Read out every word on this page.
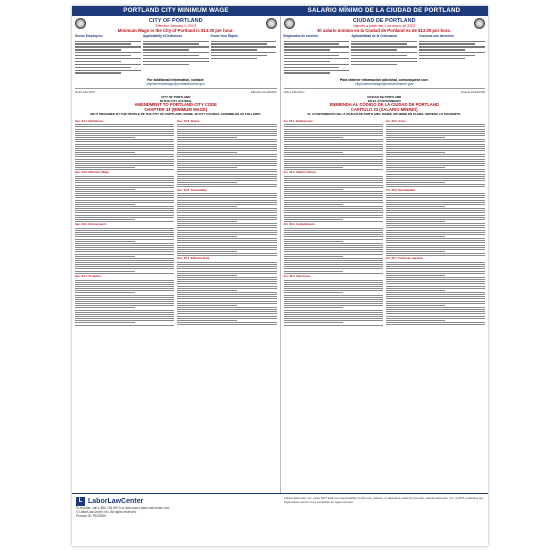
PORTLAND CITY MINIMUM WAGE	SALARIO MÍNIMO DE LA CIUDAD DE PORTLAND
CITY OF PORTLAND
Effective January 1, 2023
Minimum Wage in the City of Portland is $13.00 per hour.
Senior Employees	Applicability of Ordinance	Know Your Rights
For additional information, contact:
cityminimumwage@portlandmaine.gov
Order 169-16/17	Effective 01/19/2023
CITY OF PORTLAND
IN THE CITY COUNCIL
AMENDMENT TO PORTLAND CITY CODE
CHAPTER 33 (MINIMUM WAGE)
BE IT ORDAINED BY THE PEOPLE OF THE CITY OF PORTLAND, MAINE, IN CITY COUNCIL ASSEMBLED AS FOLLOWS:
Sec. 33.1. Definitions.
Sec. 33.2. Minimum Wage.
Sec. 33.3. Enforcement.
Sec. 33.4. Penalties.
Sec. 33.5. Notice.
Sec. 33.6. Severability.
Sec. 33.7. Effective Date.
CIUDAD DE PORTLAND
Vigente a partir del 1 de enero de 2023
El salario mínimo en la Ciudad de Portland es de $13.00 por hora.
Empleados de servicio	Aplicabilidad de la Ordenanza	Conozca sus derechos
Para obtener información adicional, comuníquese con:
cityminimumwage@portlandmaine.gov
Orden 169-16/17	Vigente 01/19/2023
CIUDAD DE PORTLAND
EN EL AYUNTAMIENTO
ENMIENDA AL CÓDIGO DE LA CIUDAD DE PORTLAND
CAPÍTULO 33 (SALARIO MÍNIMO)
EL AYUNTAMIENTO DE LA CIUDAD DE PORTLAND, MAINE, REUNIDO EN PLENO, ORDENA LO SIGUIENTE:
Art. 33.1. Definiciones.
Art. 33.2. Salario mínimo.
Art. 33.3. Cumplimiento.
Art. 33.4. Sanciones.
Art. 33.5. Aviso.
Art. 33.6. Divisibilidad.
Art. 33.7. Fecha de vigencia.
L LaborLawCenter
To reorder, call 1-800-745-9970 or visit www.LaborLawCenter.com
© LaborLawCenter, Inc. All rights reserved.
Product ID: PE25309
LaborLawCenter, Inc. does NOT assume responsibility for the use, actions, or decisions made by the user. LaborLawCenter, Inc. is NOT rendering any legal advice and is not a substitute for legal counsel.
